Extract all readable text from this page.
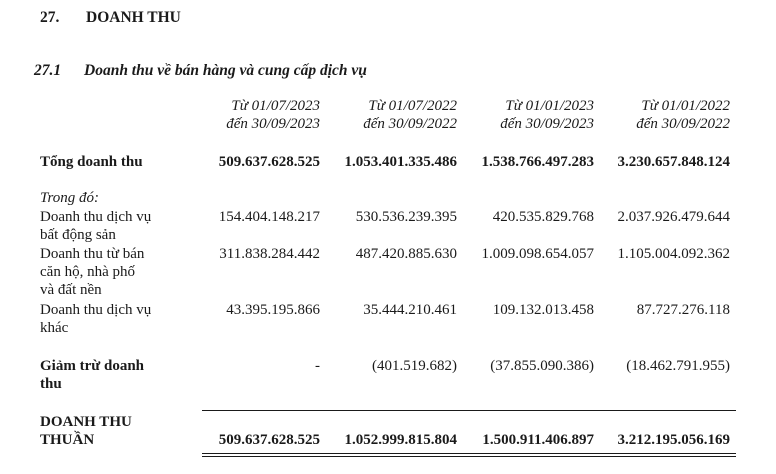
27. DOANH THU
27.1 Doanh thu về bán hàng và cung cấp dịch vụ
Từ 01/07/2023
đến 30/09/2023
Từ 01/07/2022
đến 30/09/2022
Từ 01/01/2023
đến 30/09/2023
Từ 01/01/2022
đến 30/09/2022
Tổng doanh thu	509.637.628.525	1.053.401.335.486	1.538.766.497.283	3.230.657.848.124
Trong đó:
Doanh thu dịch vụ
bất động sản
154.404.148.217	530.536.239.395	420.535.829.768	2.037.926.479.644
Doanh thu từ bán
căn hộ, nhà phố
và đất nền
311.838.284.442	487.420.885.630	1.009.098.654.057	1.105.004.092.362
Doanh thu dịch vụ
khác
43.395.195.866	35.444.210.461	109.132.013.458	87.727.276.118
Giảm trừ doanh
thu
-	(401.519.682)	(37.855.090.386)	(18.462.791.955)
DOANH THU
THUẦN	509.637.628.525	1.052.999.815.804	1.500.911.406.897	3.212.195.056.169
